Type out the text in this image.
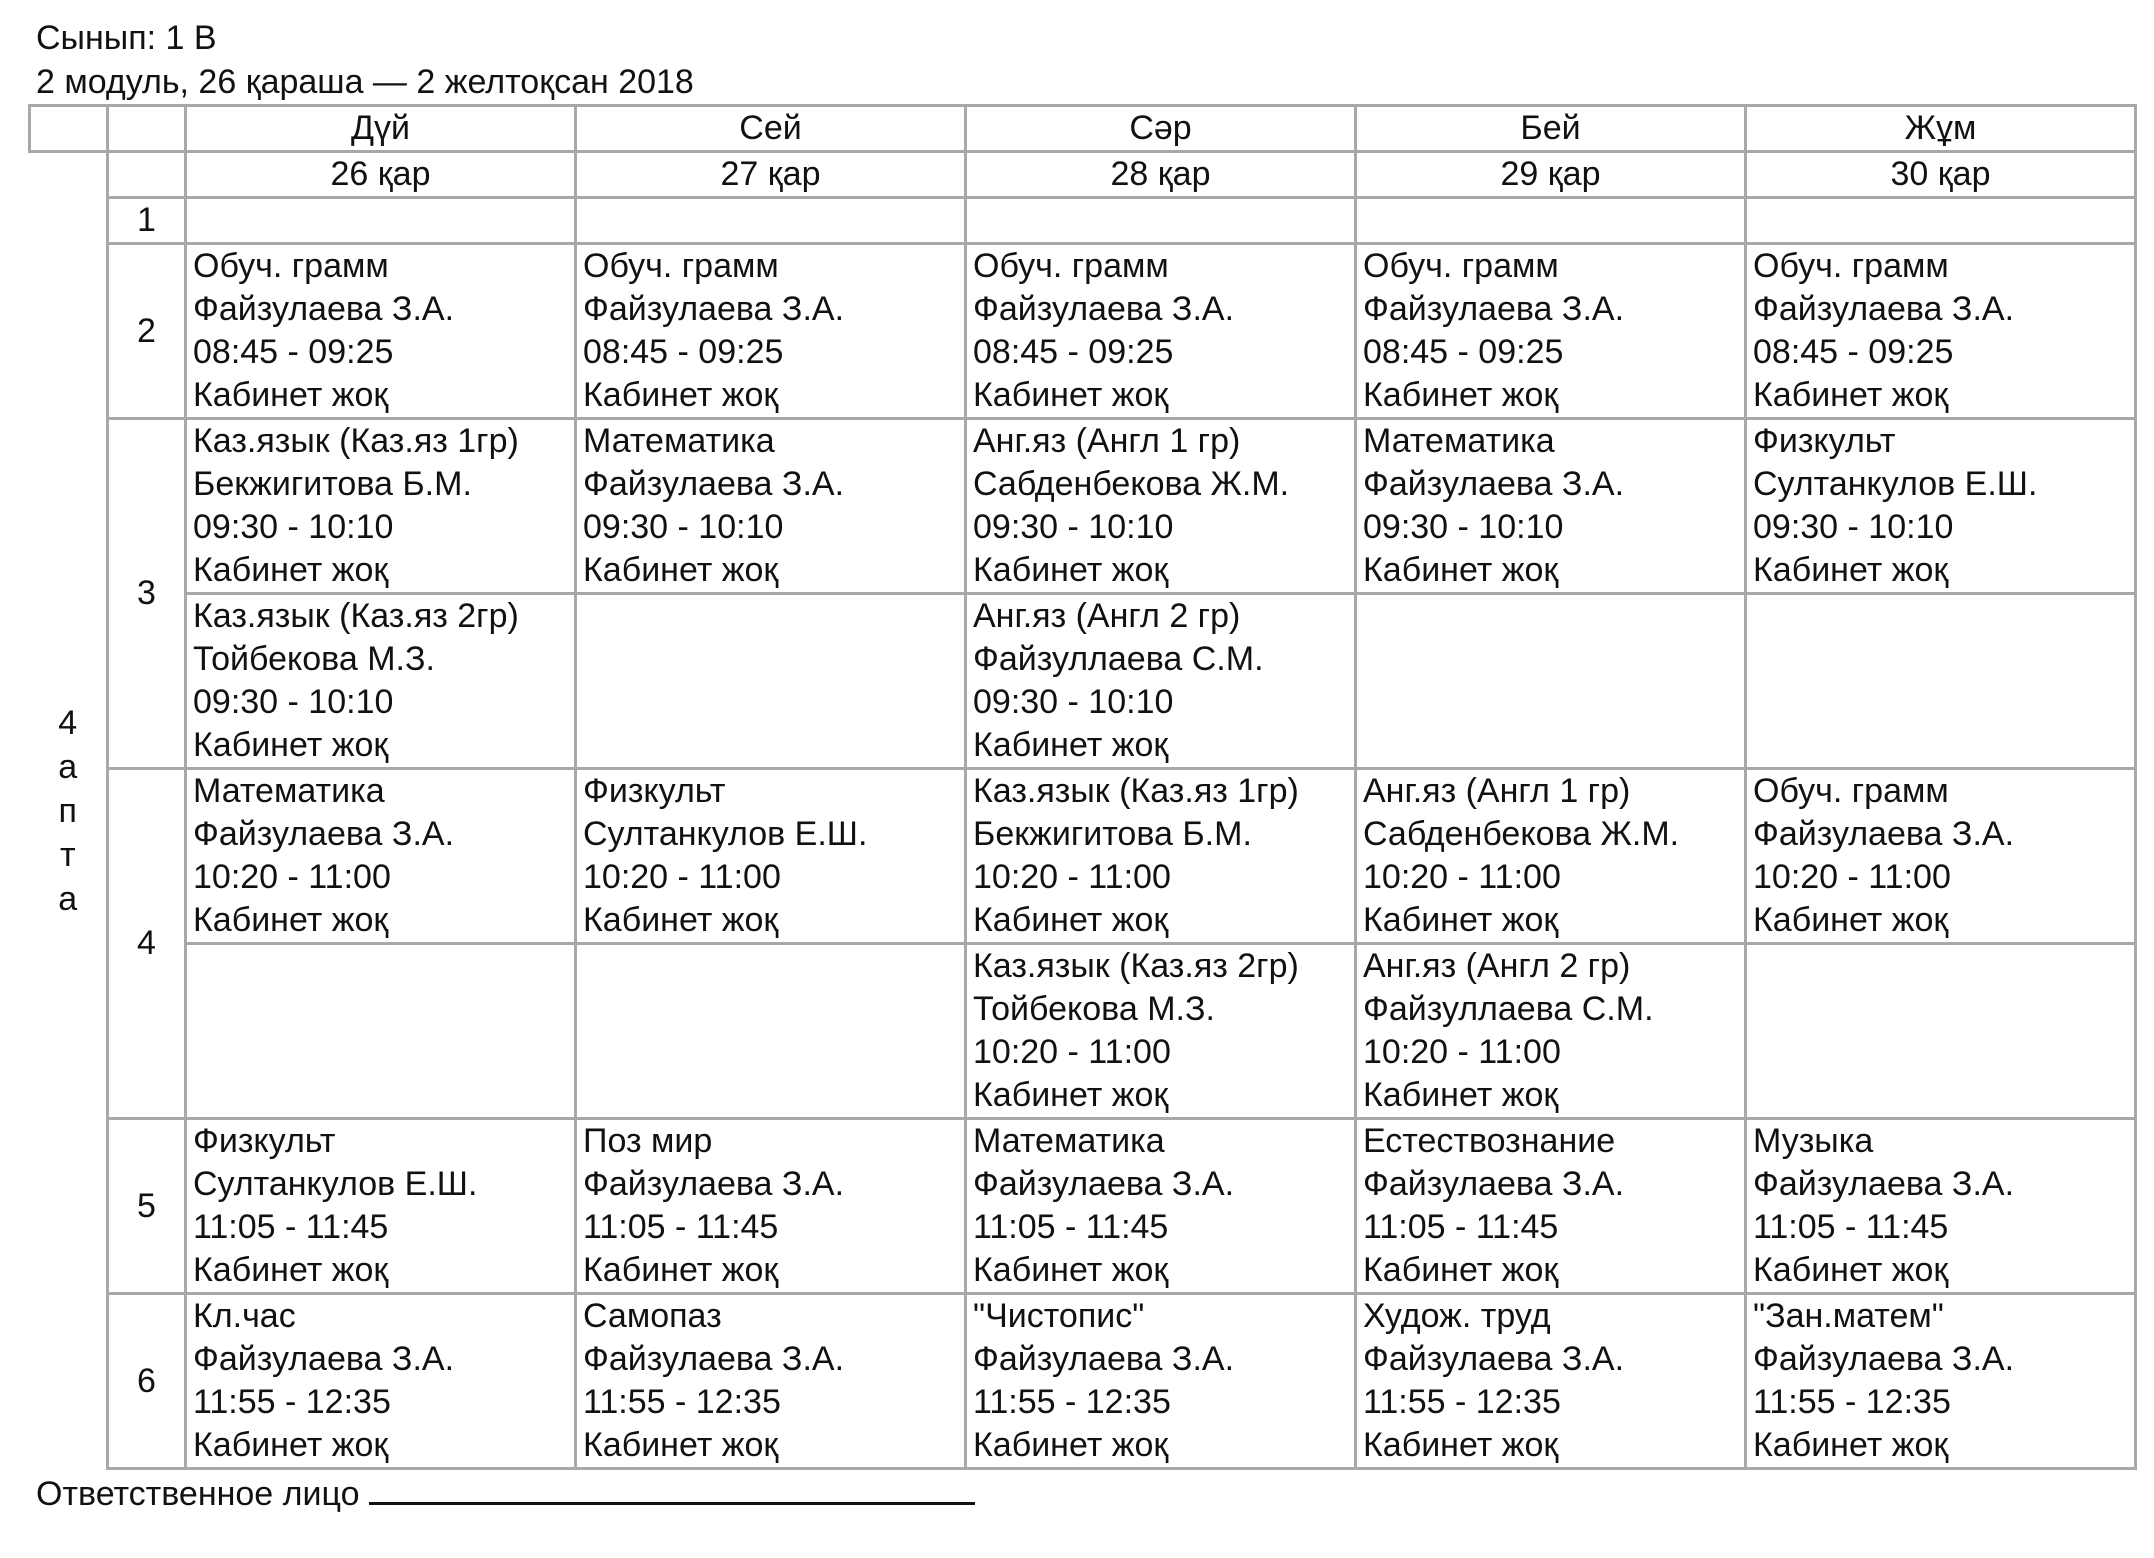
Сынып: 1 В
2 модуль, 26 қараша — 2 желтоқсан 2018
		Дүй	Сей	Сәр	Бей	Жұм

4
а
п
т
а		26 қар	27 қар	28 қар	29 қар	30 қар
	1					
	2	Обуч. грамм
Файзулаева З.А.
08:45 - 09:25
Кабинет жоқ	Обуч. грамм
Файзулаева З.А.
08:45 - 09:25
Кабинет жоқ	Обуч. грамм
Файзулаева З.А.
08:45 - 09:25
Кабинет жоқ	Обуч. грамм
Файзулаева З.А.
08:45 - 09:25
Кабинет жоқ	Обуч. грамм
Файзулаева З.А.
08:45 - 09:25
Кабинет жоқ

	3	Каз.язык (Каз.яз 1гр)
Бекжигитова Б.М.
09:30 - 10:10
Кабинет жоқ	Математика
Файзулаева З.А.
09:30 - 10:10
Кабинет жоқ	Анг.яз (Англ 1 гр)
Сабденбекова Ж.М.
09:30 - 10:10
Кабинет жоқ	Математика
Файзулаева З.А.
09:30 - 10:10
Кабинет жоқ	Физкульт
Султанкулов Е.Ш.
09:30 - 10:10
Кабинет жоқ

		Каз.язык (Каз.яз 2гр)
Тойбекова М.З.
09:30 - 10:10
Кабинет жоқ		Анг.яз (Англ 2 гр)
Файзуллаева С.М.
09:30 - 10:10
Кабинет жоқ		

	4	Математика
Файзулаева З.А.
10:20 - 11:00
Кабинет жоқ	Физкульт
Султанкулов Е.Ш.
10:20 - 11:00
Кабинет жоқ	Каз.язык (Каз.яз 1гр)
Бекжигитова Б.М.
10:20 - 11:00
Кабинет жоқ	Анг.яз (Англ 1 гр)
Сабденбекова Ж.М.
10:20 - 11:00
Кабинет жоқ	Обуч. грамм
Файзулаева З.А.
10:20 - 11:00
Кабинет жоқ

				Каз.язык (Каз.яз 2гр)
Тойбекова М.З.
10:20 - 11:00
Кабинет жоқ	Анг.яз (Англ 2 гр)
Файзуллаева С.М.
10:20 - 11:00
Кабинет жоқ	

	5	Физкульт
Султанкулов Е.Ш.
11:05 - 11:45
Кабинет жоқ	Поз мир
Файзулаева З.А.
11:05 - 11:45
Кабинет жоқ	Математика
Файзулаева З.А.
11:05 - 11:45
Кабинет жоқ	Естествознание
Файзулаева З.А.
11:05 - 11:45
Кабинет жоқ	Музыка
Файзулаева З.А.
11:05 - 11:45
Кабинет жоқ

	6	Кл.час
Файзулаева З.А.
11:55 - 12:35
Кабинет жоқ	Самопаз
Файзулаева З.А.
11:55 - 12:35
Кабинет жоқ	"Чистопис"
Файзулаева З.А.
11:55 - 12:35
Кабинет жоқ	Худож. труд
Файзулаева З.А.
11:55 - 12:35
Кабинет жоқ	"Зан.матем"
Файзулаева З.А.
11:55 - 12:35
Кабинет жоқ
Ответственное лицо
